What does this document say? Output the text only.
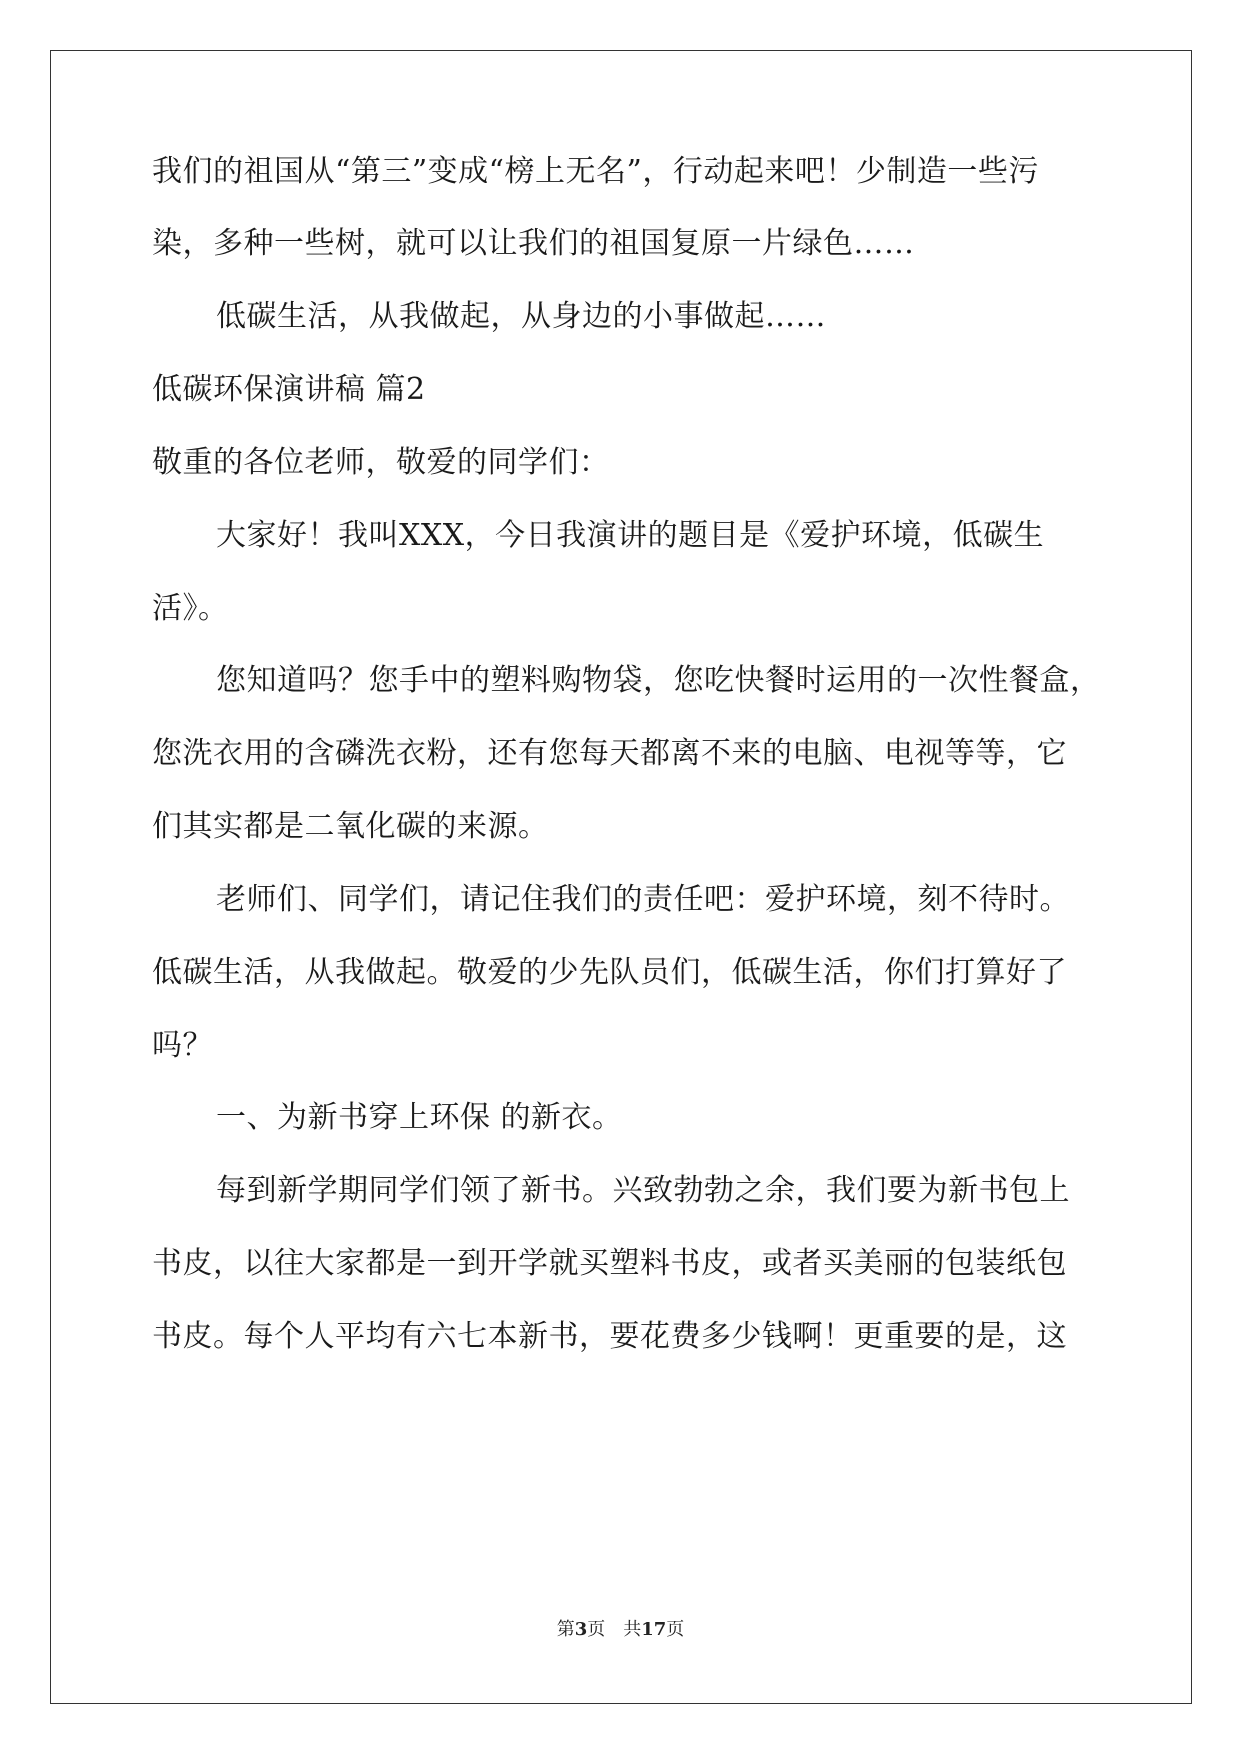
我们的祖国从“第三”变成“榜上无名”，行动起来吧！少制造一些污
染，多种一些树，就可以让我们的祖国复原一片绿色……
低碳生活，从我做起，从身边的小事做起……
低碳环保演讲稿 篇2
敬重的各位老师，敬爱的同学们：
大家好！我叫XXX，今日我演讲的题目是《爱护环境，低碳生
活》。
您知道吗？您手中的塑料购物袋，您吃快餐时运用的一次性餐盒，
您洗衣用的含磷洗衣粉，还有您每天都离不来的电脑、电视等等，它
们其实都是二氧化碳的来源。
老师们、同学们，请记住我们的责任吧：爱护环境，刻不待时。
低碳生活，从我做起。敬爱的少先队员们，低碳生活，你们打算好了
吗？
一、为新书穿上环保 的新衣。
每到新学期同学们领了新书。兴致勃勃之余，我们要为新书包上
书皮，以往大家都是一到开学就买塑料书皮，或者买美丽的包装纸包
书皮。每个人平均有六七本新书，要花费多少钱啊！更重要的是，这
第3页　共17页
